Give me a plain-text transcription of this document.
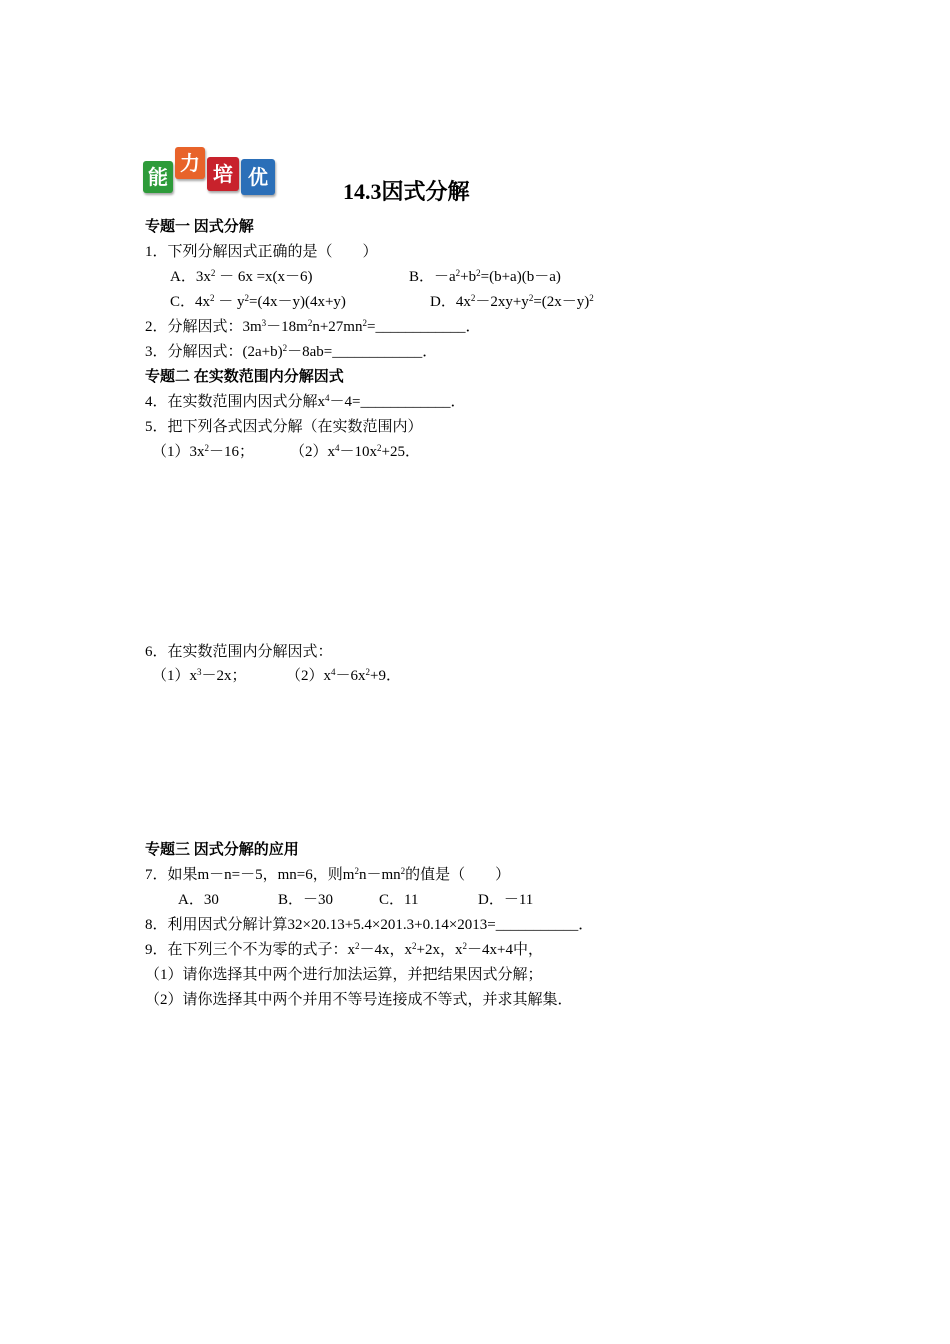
能
力 培 优
14.3因式分解
专题一 因式分解
1．下列分解因式正确的是（　　）
A．$3x^2 - 6x =x(x-6)$	B．$-a^2+b^2=(b+a)(b-a)$
C．$4x^2 - y^2=(4x-y)(4x+y)$	D．$4x^2-2xy+y^2=(2x-y)^2$
2．分解因式：$3m^3-18m^2n+27mn^2=\_\_\_\_\_\_\_\_\_\_\_\_$．
3．分解因式：$(2a+b)^2-8ab=\_\_\_\_\_\_\_\_\_\_\_\_$．
专题二 在实数范围内分解因式
4．在实数范围内因式分解$x^4-4=\_\_\_\_\_\_\_\_\_\_\_\_$．
5．把下列各式因式分解（在实数范围内）
$(1)3x^2-16$； $(2)x^4-10x^2+25$．
6．在实数范围内分解因式：
$(1)x^3-2x$；	$(2)x^4-6x^2+9$．
专题三 因式分解的应用
7．如果m－n=－5，mn=6，则$m^2n-mn^2$的值是（　　）
A．30	B．－30	C．11	D．－11
8．利用因式分解计算32×20.13+5.4×201.3+0.14×2013=___________．
9．在下列三个不为零的式子：$x^2-4x$，$x^2+2x$，$x^2-4x+4$中，
（1）请你选择其中两个进行加法运算，并把结果因式分解；
（2）请你选择其中两个并用不等号连接成不等式，并求其解集．
